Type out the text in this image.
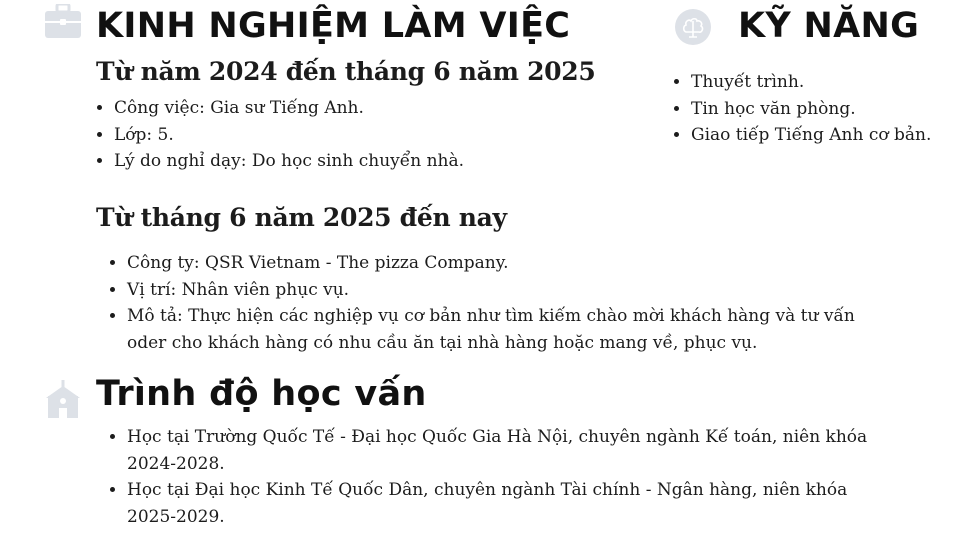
KINH NGHIỆM LÀM VIỆC
Từ năm 2024 đến tháng 6 năm 2025
• Công việc: Gia sư Tiếng Anh.
• Lớp: 5.
• Lý do nghỉ dạy: Do học sinh chuyển nhà.
Từ tháng 6 năm 2025 đến nay
• Công ty: QSR Vietnam - The pizza Company.
• Vị trí: Nhân viên phục vụ.
• Mô tả: Thực hiện các nghiệp vụ cơ bản như tìm kiếm chào mời khách hàng và tư vấn oder cho khách hàng có nhu cầu ăn tại nhà hàng hoặc mang về, phục vụ.
KỸ NĂNG
• Thuyết trình.
• Tin học văn phòng.
• Giao tiếp Tiếng Anh cơ bản.
Trình độ học vấn
• Học tại Trường Quốc Tế - Đại học Quốc Gia Hà Nội, chuyên ngành Kế toán, niên khóa 2024-2028.
• Học tại Đại học Kinh Tế Quốc Dân, chuyên ngành Tài chính - Ngân hàng, niên khóa 2025-2029.
